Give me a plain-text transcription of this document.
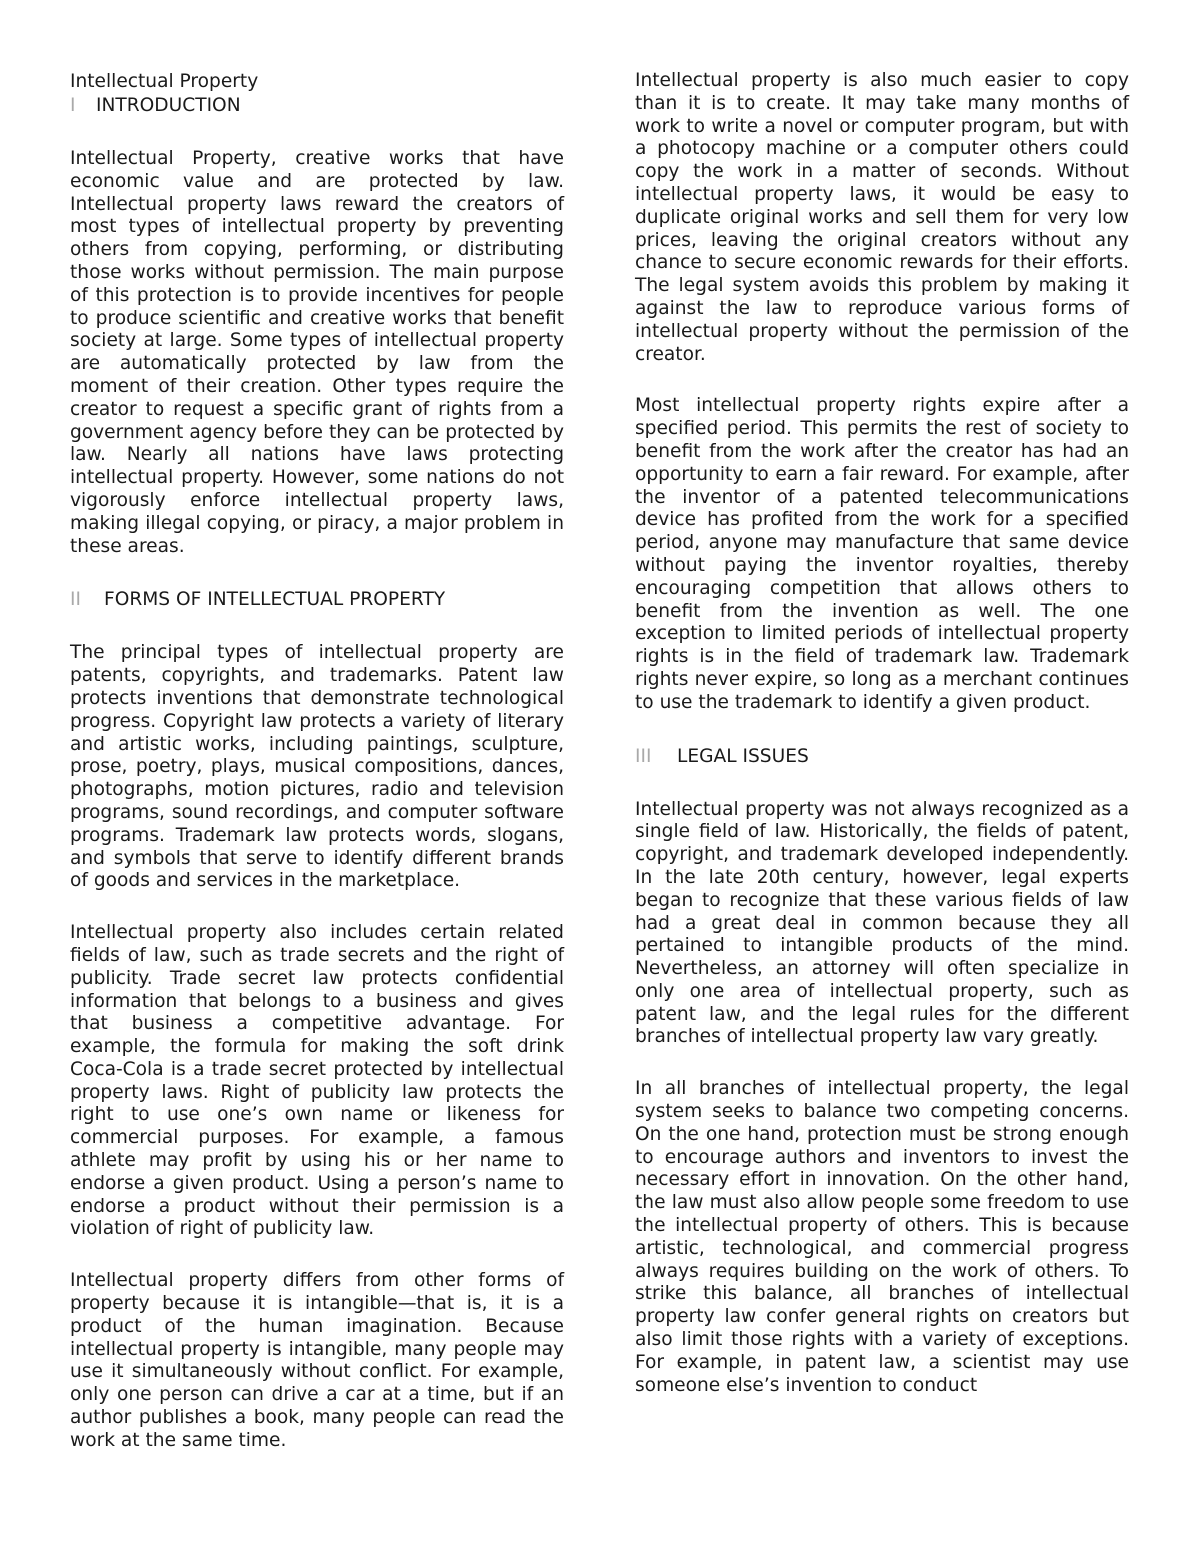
Intellectual Property

I INTRODUCTION

Intellectual Property, creative works that have economic value and are protected by law. Intellectual property laws reward the creators of most types of intellectual property by preventing others from copying, performing, or distributing those works without permission. The main purpose of this protection is to provide incentives for people to produce scientific and creative works that benefit society at large. Some types of intellectual property are automatically protected by law from the moment of their creation. Other types require the creator to request a specific grant of rights from a government agency before they can be protected by law. Nearly all nations have laws protecting intellectual property. However, some nations do not vigorously enforce intellectual property laws, making illegal copying, or piracy, a major problem in these areas.

II FORMS OF INTELLECTUAL PROPERTY

The principal types of intellectual property are patents, copyrights, and trademarks. Patent law protects inventions that demonstrate technological progress. Copyright law protects a variety of literary and artistic works, including paintings, sculpture, prose, poetry, plays, musical compositions, dances, photographs, motion pictures, radio and television programs, sound recordings, and computer software programs. Trademark law protects words, slogans, and symbols that serve to identify different brands of goods and services in the marketplace.

Intellectual property also includes certain related fields of law, such as trade secrets and the right of publicity. Trade secret law protects confidential information that belongs to a business and gives that business a competitive advantage. For example, the formula for making the soft drink Coca-Cola is a trade secret protected by intellectual property laws. Right of publicity law protects the right to use one’s own name or likeness for commercial purposes. For example, a famous athlete may profit by using his or her name to endorse a given product. Using a person’s name to endorse a product without their permission is a violation of right of publicity law.

Intellectual property differs from other forms of property because it is intangible—that is, it is a product of the human imagination. Because intellectual property is intangible, many people may use it simultaneously without conflict. For example, only one person can drive a car at a time, but if an author publishes a book, many people can read the work at the same time.

Intellectual property is also much easier to copy than it is to create. It may take many months of work to write a novel or computer program, but with a photocopy machine or a computer others could copy the work in a matter of seconds. Without intellectual property laws, it would be easy to duplicate original works and sell them for very low prices, leaving the original creators without any chance to secure economic rewards for their efforts. The legal system avoids this problem by making it against the law to reproduce various forms of intellectual property without the permission of the creator.

Most intellectual property rights expire after a specified period. This permits the rest of society to benefit from the work after the creator has had an opportunity to earn a fair reward. For example, after the inventor of a patented telecommunications device has profited from the work for a specified period, anyone may manufacture that same device without paying the inventor royalties, thereby encouraging competition that allows others to benefit from the invention as well. The one exception to limited periods of intellectual property rights is in the field of trademark law. Trademark rights never expire, so long as a merchant continues to use the trademark to identify a given product.

III LEGAL ISSUES

Intellectual property was not always recognized as a single field of law. Historically, the fields of patent, copyright, and trademark developed independently. In the late 20th century, however, legal experts began to recognize that these various fields of law had a great deal in common because they all pertained to intangible products of the mind. Nevertheless, an attorney will often specialize in only one area of intellectual property, such as patent law, and the legal rules for the different branches of intellectual property law vary greatly.

In all branches of intellectual property, the legal system seeks to balance two competing concerns. On the one hand, protection must be strong enough to encourage authors and inventors to invest the necessary effort in innovation. On the other hand, the law must also allow people some freedom to use the intellectual property of others. This is because artistic, technological, and commercial progress always requires building on the work of others. To strike this balance, all branches of intellectual property law confer general rights on creators but also limit those rights with a variety of exceptions. For example, in patent law, a scientist may use someone else’s invention to conduct
